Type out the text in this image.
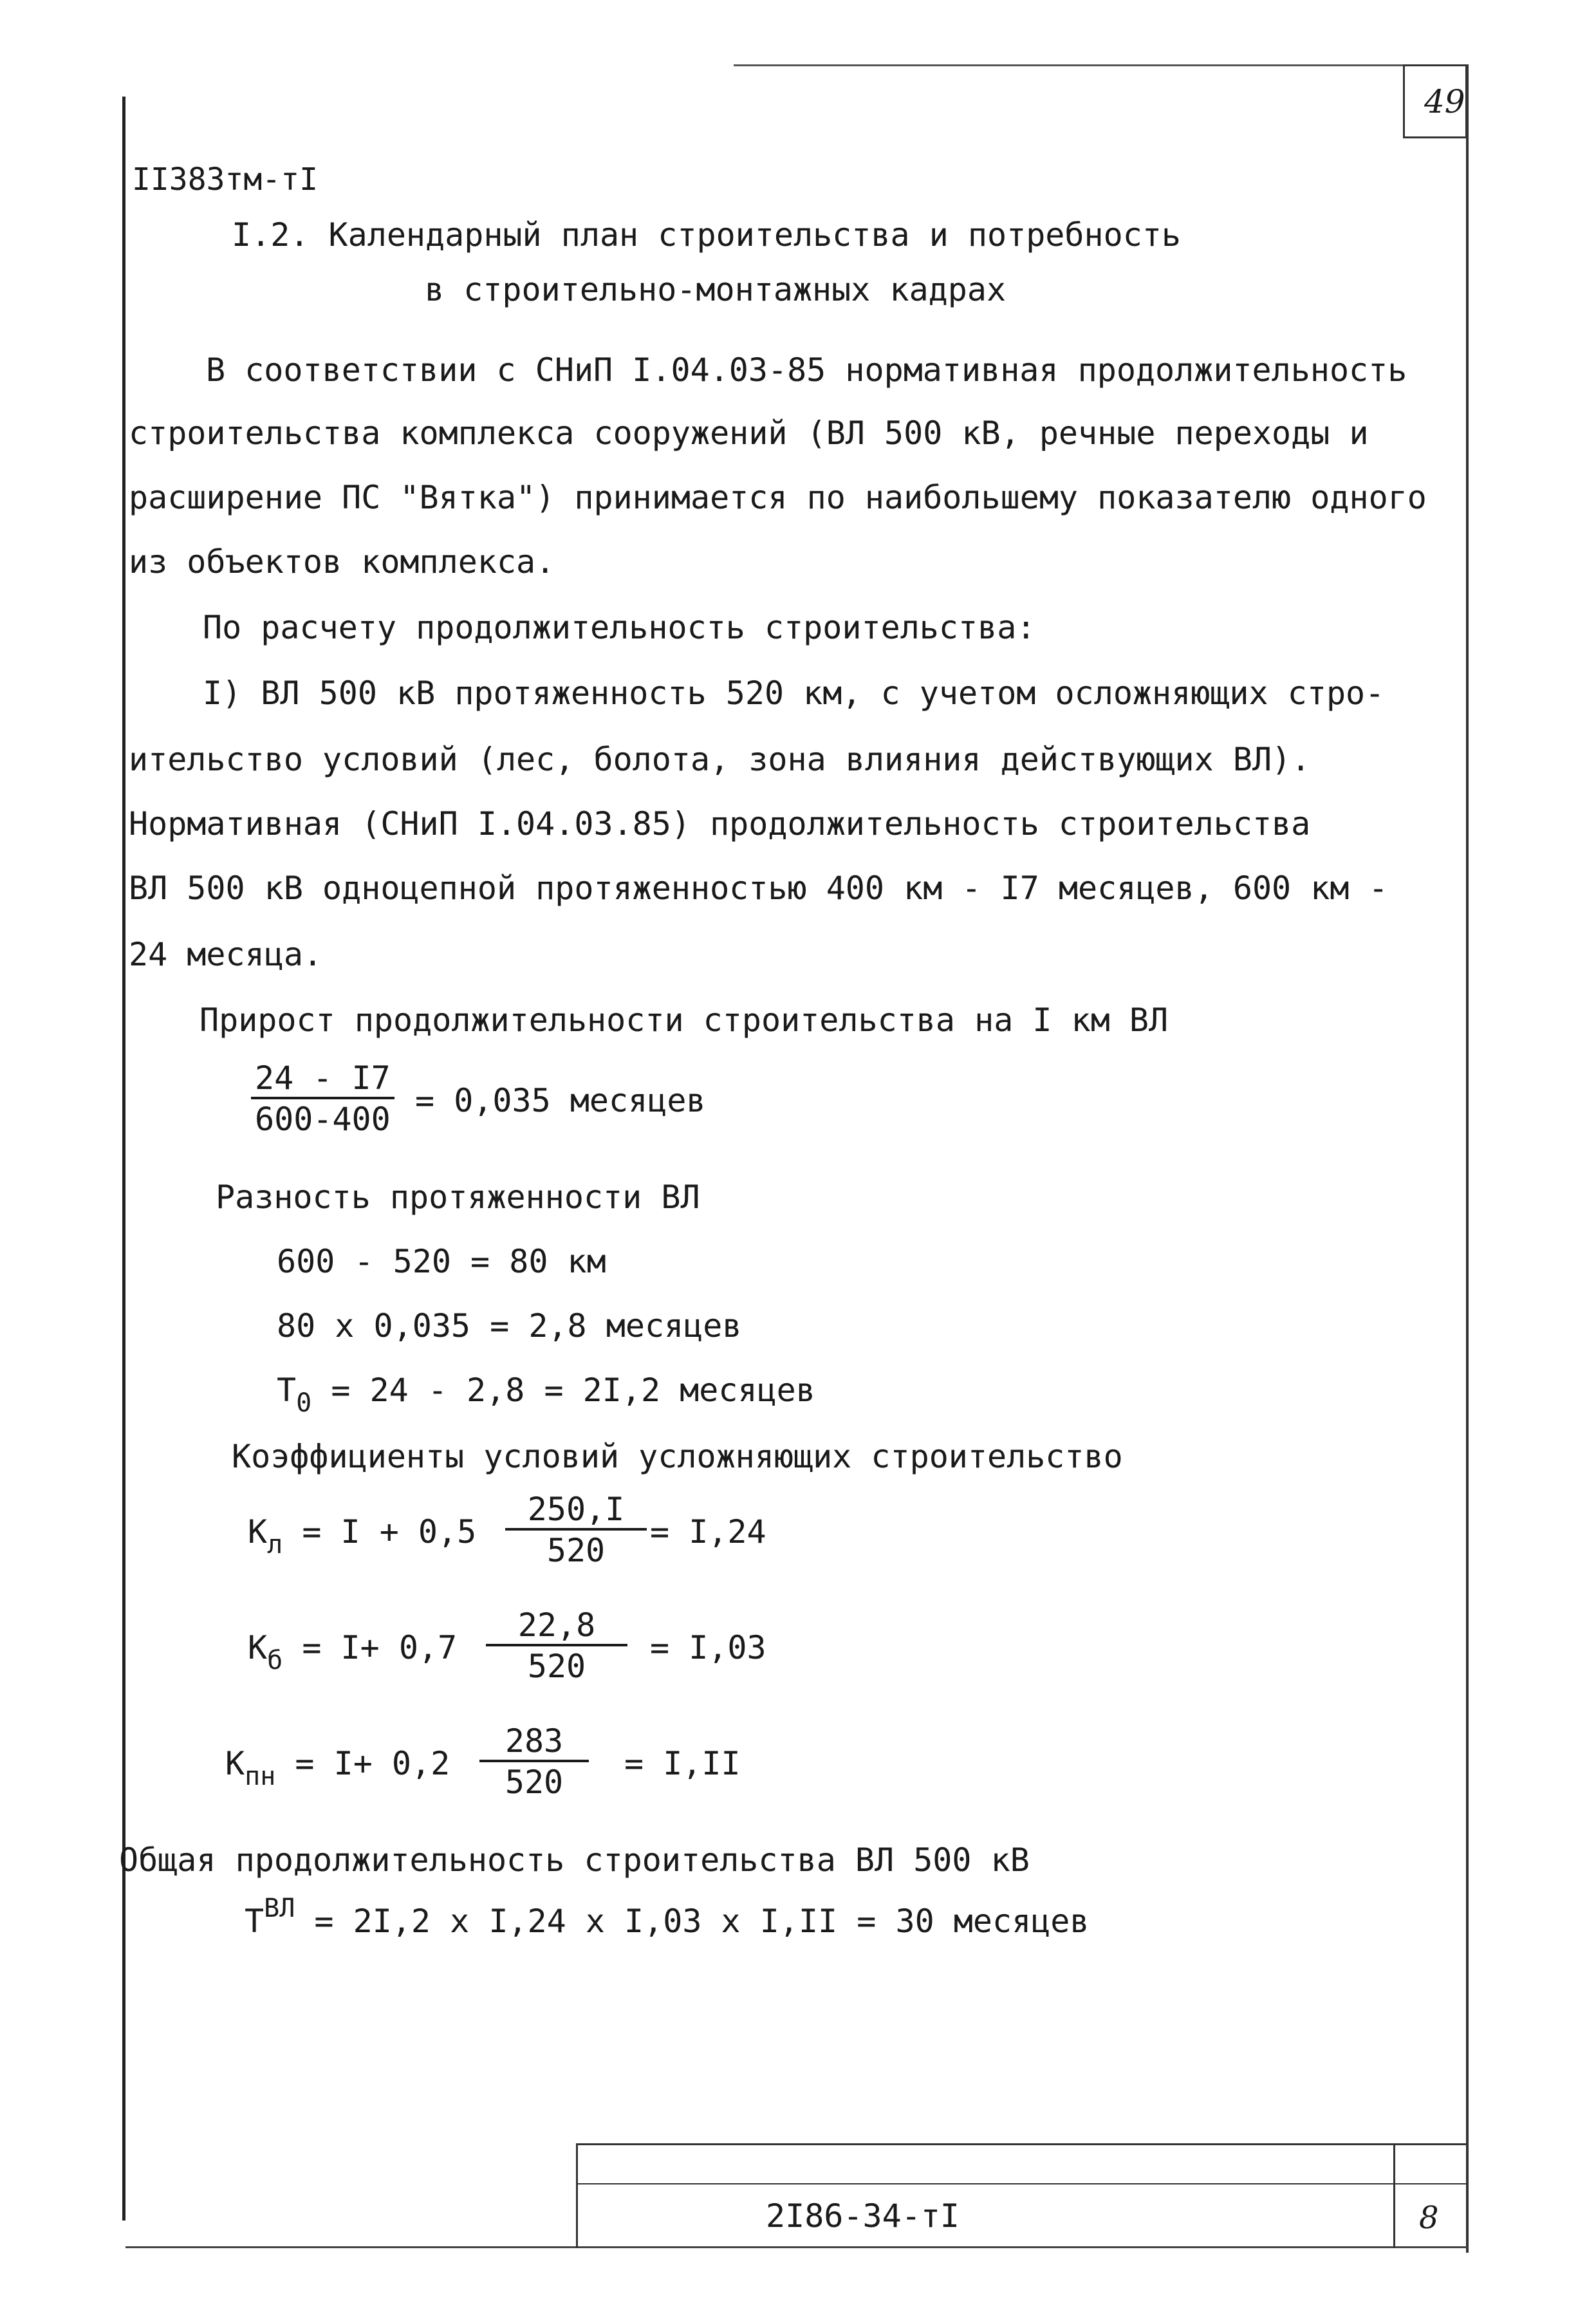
49
II383тм-тI
I.2. Календарный план строительства и потребность
в строительно-монтажных кадрах
В соответствии с СНиП I.04.03-85 нормативная продолжительность
строительства комплекса сооружений (ВЛ 500 кВ, речные переходы и
расширение ПС "Вятка") принимается по наибольшему показателю одного
из объектов комплекса.
По расчету продолжительность строительства:
I) ВЛ 500 кВ протяженность 520 км, с учетом осложняющих стро-
ительство условий (лес, болота, зона влияния действующих ВЛ).
Нормативная (СНиП I.04.03.85) продолжительность строительства
ВЛ 500 кВ одноцепной протяженностью 400 км - I7 месяцев, 600 км -
24 месяца.
Прирост продолжительности строительства на I км ВЛ
$\frac{24 - I7}{600-400} = 0,035$ месяцев
Разность протяженности ВЛ
600 - 520 = 80 км
80 x 0,035 = 2,8 месяцев
$T_0 = 24 - 2,8 = 2I,2$ месяцев
Коэффициенты условий усложняющих строительство
$K_л = I + 0,5 \frac{250,I}{520} = I,24$
$K_б = I+ 0,7 \frac{22,8}{520} = I,03$
$K_{пн} = I+ 0,2 \frac{283}{520} = I,II$
Общая продолжительность строительства ВЛ 500 кВ
$T^{ВЛ} = 2I,2$ x I,24 x I,03 x I,II = 30 месяцев
2I86-34-тI	8
